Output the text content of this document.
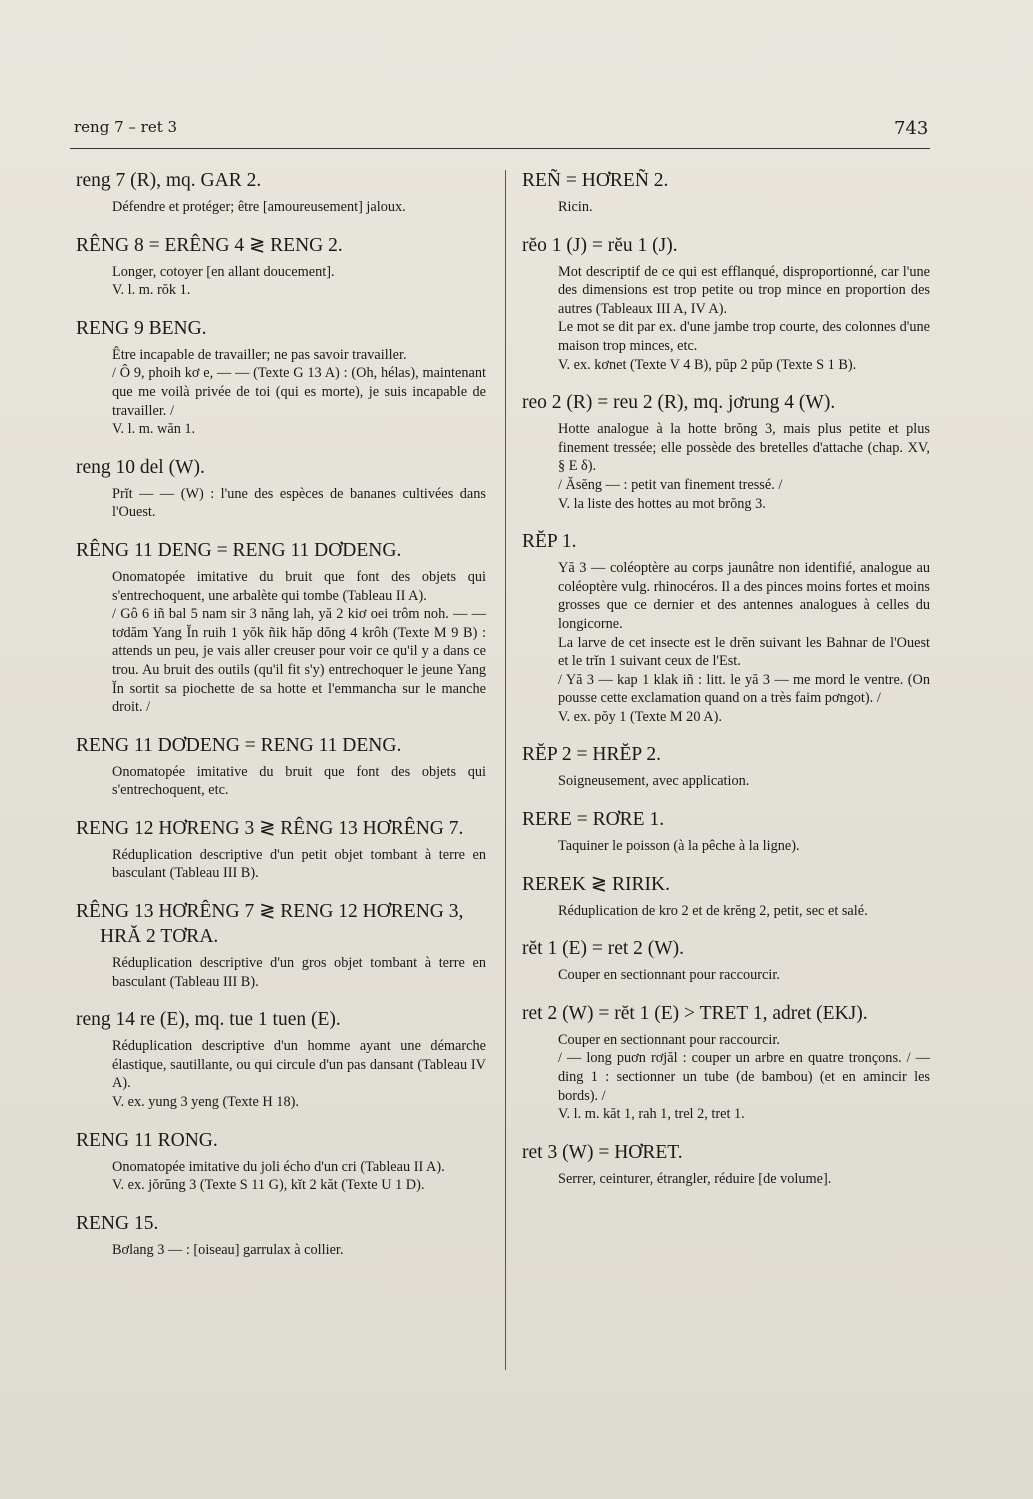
reng 7 – ret 3	743
reng 7 (R), mq. GAR 2.

Défendre et protéger; être [amoureusement] jaloux.

RÊNG 8 = ERÊNG 4 ≷ RENG 2.

Longer, cotoyer [en allant doucement].

V. l. m. rŏk 1.

RENG 9 BENG.

Être incapable de travailler; ne pas savoir travailler.

/ Ô 9, phoih kơ e, — — (Texte G 13 A) : (Oh, hélas), maintenant que me voilà privée de toi (qui es morte), je suis incapable de travailler. /

V. l. m. wăn 1.

reng 10 del (W).

Prĭt — — (W) : l'une des espèces de bananes cultivées dans l'Ouest.

RÊNG 11 DENG = RENG 11 DƠDENG.

Onomatopée imitative du bruit que font des objets qui s'entrechoquent, une arbalète qui tombe (Tableau II A).

/ Gô 6 iñ bal 5 nam sir 3 năng lah, yă 2 kiơ oei trôm noh. — — tơdăm Yang Ĭn ruih 1 yŏk ñik hăp dŏng 4 krôh (Texte M 9 B) : attends un peu, je vais aller creuser pour voir ce qu'il y a dans ce trou. Au bruit des outils (qu'il fit s'y) entrechoquer le jeune Yang Ĭn sortit sa piochette de sa hotte et l'emmancha sur le manche droit. /

RENG 11 DƠDENG = RENG 11 DENG.

Onomatopée imitative du bruit que font des objets qui s'entrechoquent, etc.

RENG 12 HƠRENG 3 ≷ RÊNG 13 HƠRÊNG 7.

Réduplication descriptive d'un petit objet tombant à terre en basculant (Tableau III B).

RÊNG 13 HƠRÊNG 7 ≷ RENG 12 HƠRENG 3, HRĂ 2 TƠRA.

Réduplication descriptive d'un gros objet tombant à terre en basculant (Tableau III B).

reng 14 re (E), mq. tue 1 tuen (E).

Réduplication descriptive d'un homme ayant une démarche élastique, sautillante, ou qui circule d'un pas dansant (Tableau IV A).

V. ex. yung 3 yeng (Texte H 18).

RENG 11 RONG.

Onomatopée imitative du joli écho d'un cri (Tableau II A).

V. ex. jŏrŭng 3 (Texte S 11 G), kĭt 2 kăt (Texte U 1 D).

RENG 15.

Bơlang 3 — : [oiseau] garrulax à collier.

REÑ = HƠREÑ 2.

Ricin.

rĕo 1 (J) = rĕu 1 (J).

Mot descriptif de ce qui est efflanqué, disproportionné, car l'une des dimensions est trop petite ou trop mince en proportion des autres (Tableaux III A, IV A).

Le mot se dit par ex. d'une jambe trop courte, des colonnes d'une maison trop minces, etc.

V. ex. kơnet (Texte V 4 B), pŭp 2 pŭp (Texte S 1 B).

reo 2 (R) = reu 2 (R), mq. jơrung 4 (W).

Hotte analogue à la hotte brŏng 3, mais plus petite et plus finement tressée; elle possède des bretelles d'attache (chap. XV, § E δ).

/ Ăsĕng — : petit van finement tressé. /

V. la liste des hottes au mot brŏng 3.

RĔP 1.

Yă 3 — coléoptère au corps jaunâtre non identifié, analogue au coléoptère vulg. rhinocéros. Il a des pinces moins fortes et moins grosses que ce dernier et des antennes analogues à celles du longicorne.

La larve de cet insecte est le drĕn suivant les Bahnar de l'Ouest et le trĭn 1 suivant ceux de l'Est.

/ Yă 3 — kap 1 klak iñ : litt. le yă 3 — me mord le ventre. (On pousse cette exclamation quand on a très faim pơngot). /

V. ex. pŏy 1 (Texte M 20 A).

RĔP 2 = HRĔP 2.

Soigneusement, avec application.

RERE = RƠRE 1.

Taquiner le poisson (à la pêche à la ligne).

REREK ≷ RIRIK.

Réduplication de kro 2 et de krĕng 2, petit, sec et salé.

rĕt 1 (E) = ret 2 (W).

Couper en sectionnant pour raccourcir.

ret 2 (W) = rĕt 1 (E) > TRET 1, adret (EKJ).

Couper en sectionnant pour raccourcir.

/ — long puơn rơjăl : couper un arbre en quatre tronçons. / — ding 1 : sectionner un tube (de bambou) (et en amincir les bords). /

V. l. m. kăt 1, rah 1, trel 2, tret 1.

ret 3 (W) = HƠRET.

Serrer, ceinturer, étrangler, réduire [de volume].
